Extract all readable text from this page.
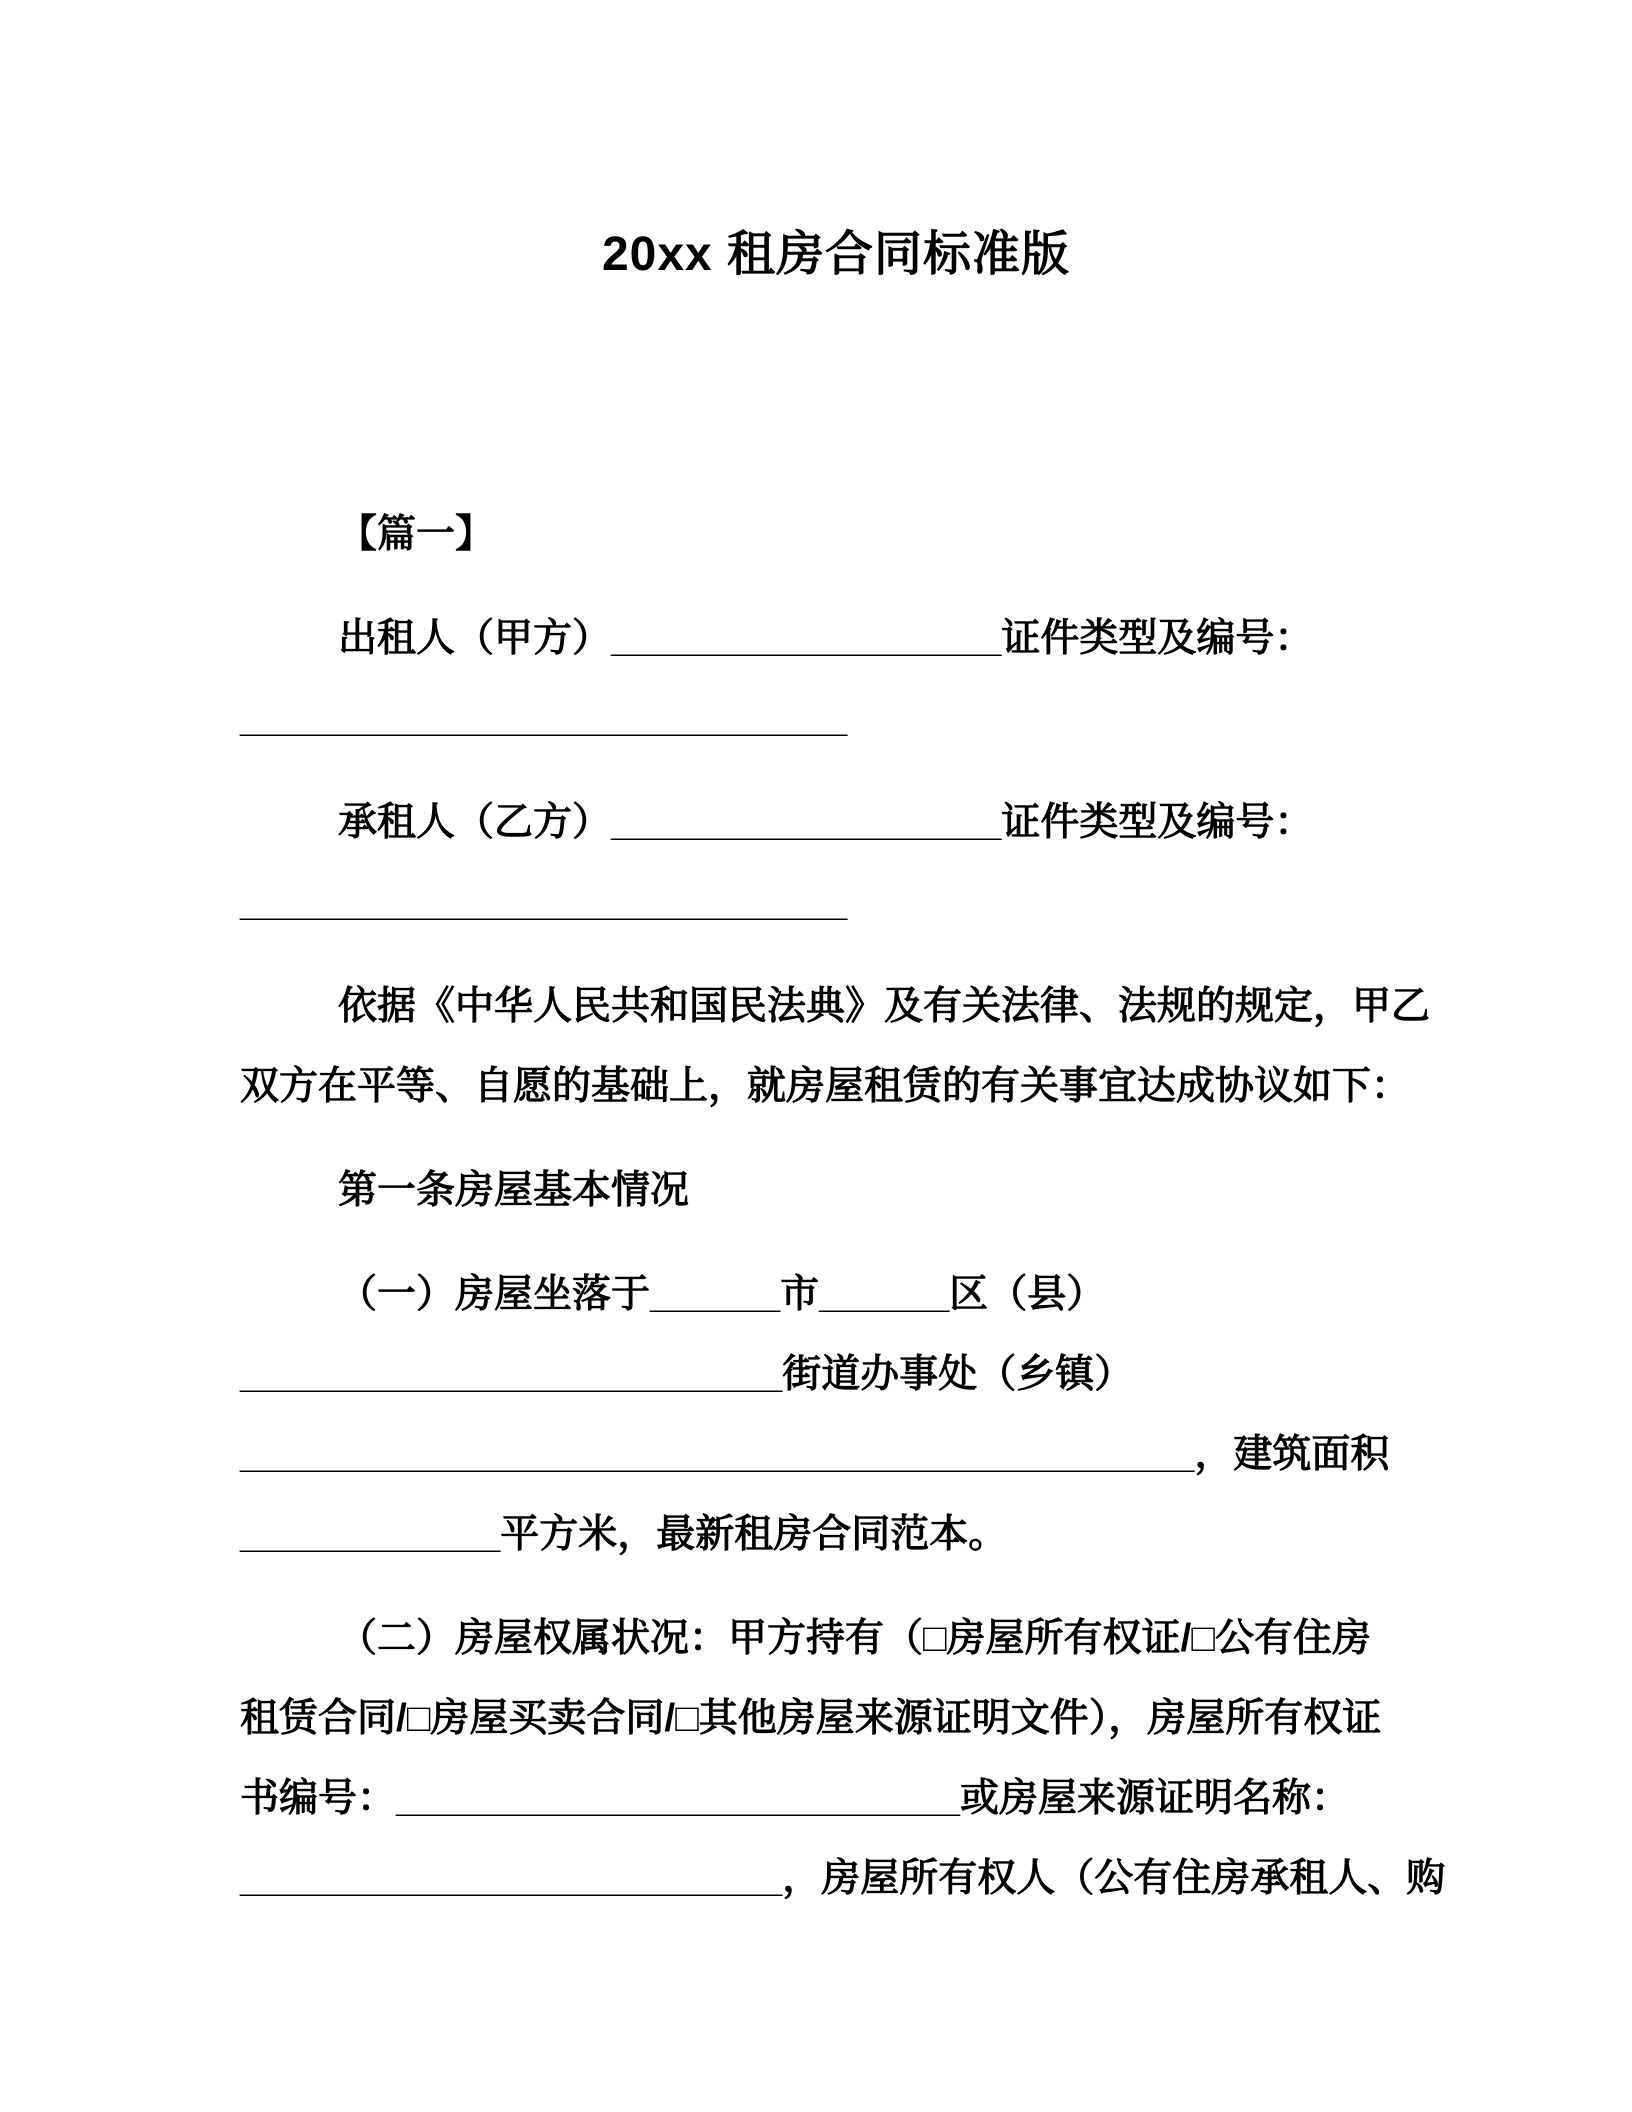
20xx 租房合同标准版
【篇一】
出租人（甲方）__________________证件类型及编号：
____________________________
承租人（乙方）__________________证件类型及编号：
____________________________
依据《中华人民共和国民法典》及有关法律、法规的规定，甲乙
双方在平等、自愿的基础上，就房屋租赁的有关事宜达成协议如下：
第一条房屋基本情况
（一）房屋坐落于______市______区（县）
_________________________街道办事处（乡镇）
____________________________________________，建筑面积
____________平方米，最新租房合同范本。
（二）房屋权属状况：甲方持有（□房屋所有权证/□公有住房
租赁合同/□房屋买卖合同/□其他房屋来源证明文件），房屋所有权证
书编号：__________________________或房屋来源证明名称：
_________________________，房屋所有权人（公有住房承租人、购
